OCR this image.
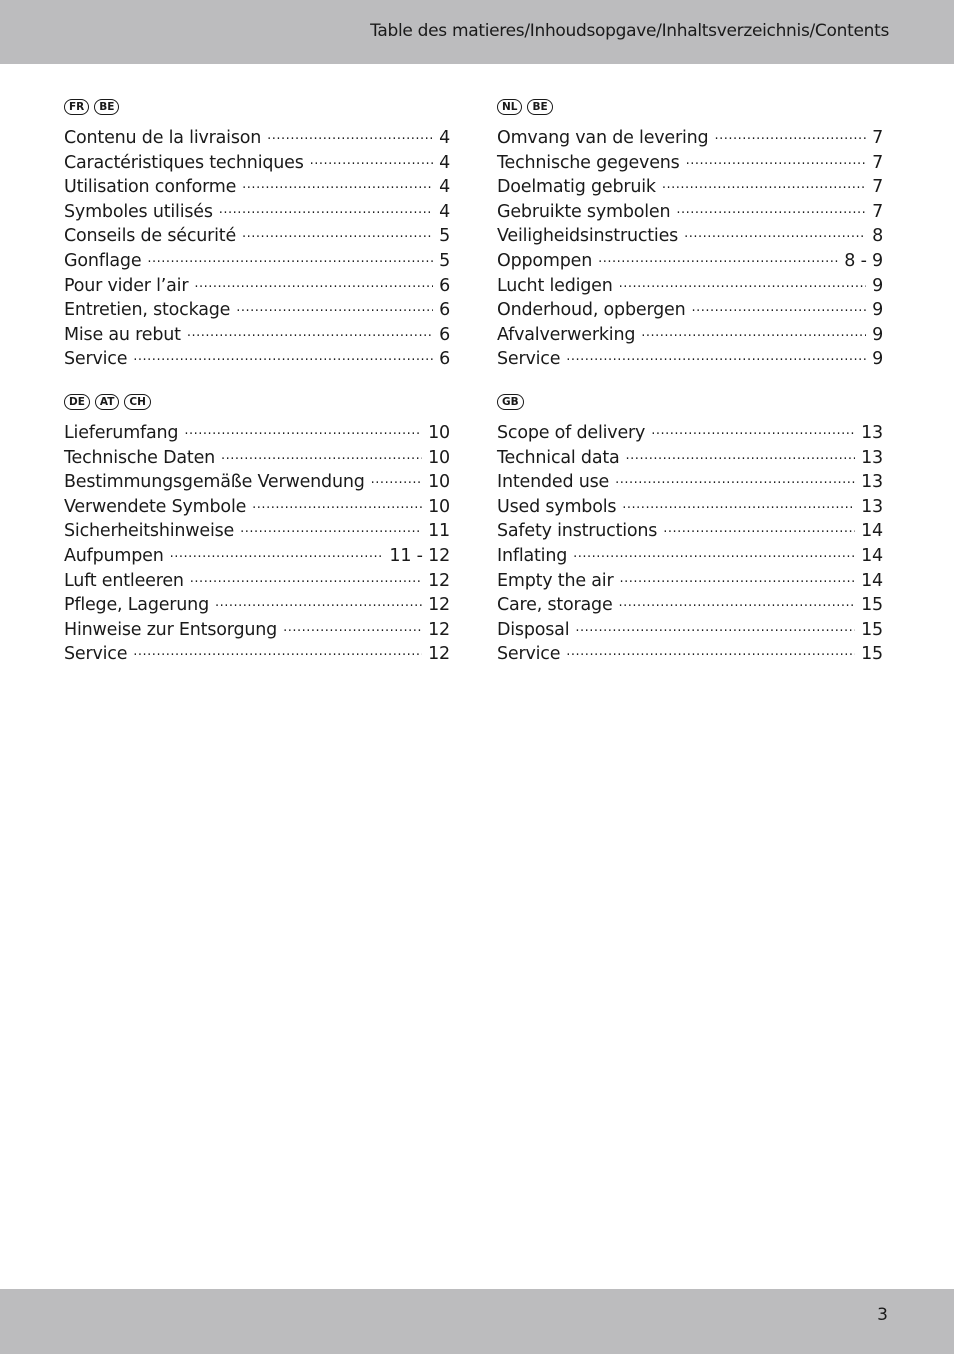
Table des matieres/Inhoudsopgave/Inhaltsverzeichnis/Contents
FR	BE
Contenu de la livraison .....	4
Caractéristiques techniques .....	4
Utilisation conforme .....	4
Symboles utilisés .....	4
Conseils de sécurité .....	5
Gonflage .....	5
Pour vider l’air .....	6
Entretien, stockage .....	6
Mise au rebut .....	6
Service .....	6
NL	BE
Omvang van de levering .....	7
Technische gegevens .....	7
Doelmatig gebruik .....	7
Gebruikte symbolen .....	7
Veiligheidsinstructies .....	8
Oppompen .....	8 - 9
Lucht ledigen .....	9
Onderhoud, opbergen .....	9
Afvalverwerking .....	9
Service .....	9
DE	AT	CH
Lieferumfang .....	10
Technische Daten .....	10
Bestimmungsgemäße Verwendung .....	10
Verwendete Symbole .....	10
Sicherheitshinweise .....	11
Aufpumpen .....	11 - 12
Luft entleeren .....	12
Pflege, Lagerung .....	12
Hinweise zur Entsorgung .....	12
Service .....	12
GB
Scope of delivery .....	13
Technical data .....	13
Intended use .....	13
Used symbols .....	13
Safety instructions .....	14
Inflating .....	14
Empty the air .....	14
Care, storage .....	15
Disposal .....	15
Service .....	15
3
